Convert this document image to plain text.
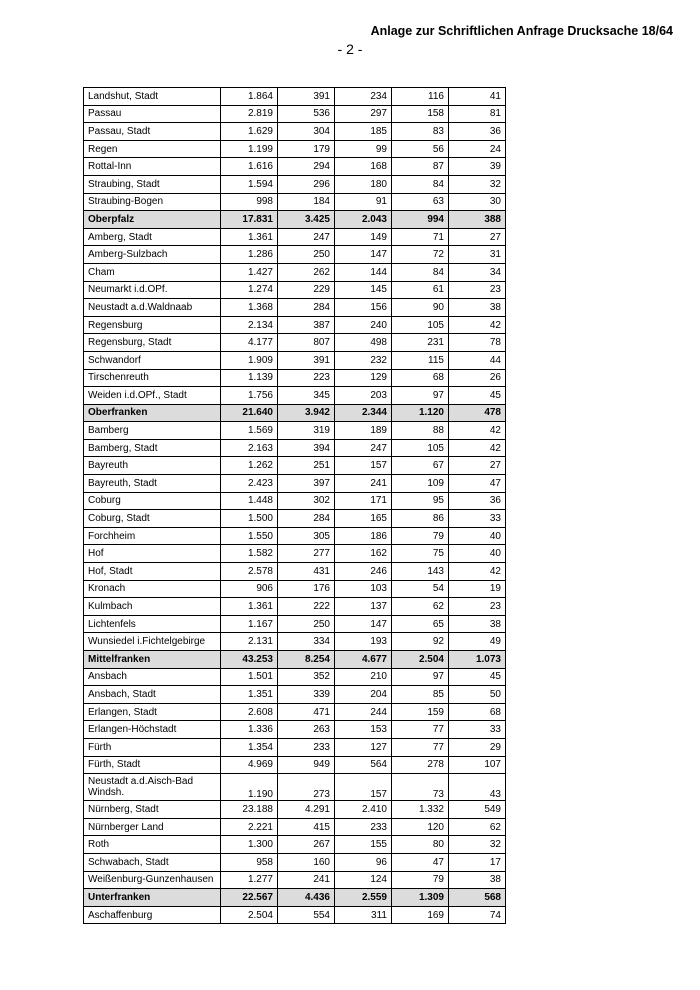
Anlage zur Schriftlichen Anfrage Drucksache 18/64
- 2 -
Landshut, Stadt	1.864	391	234	116	41
Passau	2.819	536	297	158	81
Passau, Stadt	1.629	304	185	83	36
Regen	1.199	179	99	56	24
Rottal-Inn	1.616	294	168	87	39
Straubing, Stadt	1.594	296	180	84	32
Straubing-Bogen	998	184	91	63	30
Oberpfalz	17.831	3.425	2.043	994	388
Amberg, Stadt	1.361	247	149	71	27
Amberg-Sulzbach	1.286	250	147	72	31
Cham	1.427	262	144	84	34
Neumarkt i.d.OPf.	1.274	229	145	61	23
Neustadt a.d.Waldnaab	1.368	284	156	90	38
Regensburg	2.134	387	240	105	42
Regensburg, Stadt	4.177	807	498	231	78
Schwandorf	1.909	391	232	115	44
Tirschenreuth	1.139	223	129	68	26
Weiden i.d.OPf., Stadt	1.756	345	203	97	45
Oberfranken	21.640	3.942	2.344	1.120	478
Bamberg	1.569	319	189	88	42
Bamberg, Stadt	2.163	394	247	105	42
Bayreuth	1.262	251	157	67	27
Bayreuth, Stadt	2.423	397	241	109	47
Coburg	1.448	302	171	95	36
Coburg, Stadt	1.500	284	165	86	33
Forchheim	1.550	305	186	79	40
Hof	1.582	277	162	75	40
Hof, Stadt	2.578	431	246	143	42
Kronach	906	176	103	54	19
Kulmbach	1.361	222	137	62	23
Lichtenfels	1.167	250	147	65	38
Wunsiedel i.Fichtelgebirge	2.131	334	193	92	49
Mittelfranken	43.253	8.254	4.677	2.504	1.073
Ansbach	1.501	352	210	97	45
Ansbach, Stadt	1.351	339	204	85	50
Erlangen, Stadt	2.608	471	244	159	68
Erlangen-Höchstadt	1.336	263	153	77	33
Fürth	1.354	233	127	77	29
Fürth, Stadt	4.969	949	564	278	107
Neustadt a.d.Aisch-Bad Windsh.	1.190	273	157	73	43
Nürnberg, Stadt	23.188	4.291	2.410	1.332	549
Nürnberger Land	2.221	415	233	120	62
Roth	1.300	267	155	80	32
Schwabach, Stadt	958	160	96	47	17
Weißenburg-Gunzenhausen	1.277	241	124	79	38
Unterfranken	22.567	4.436	2.559	1.309	568
Aschaffenburg	2.504	554	311	169	74
